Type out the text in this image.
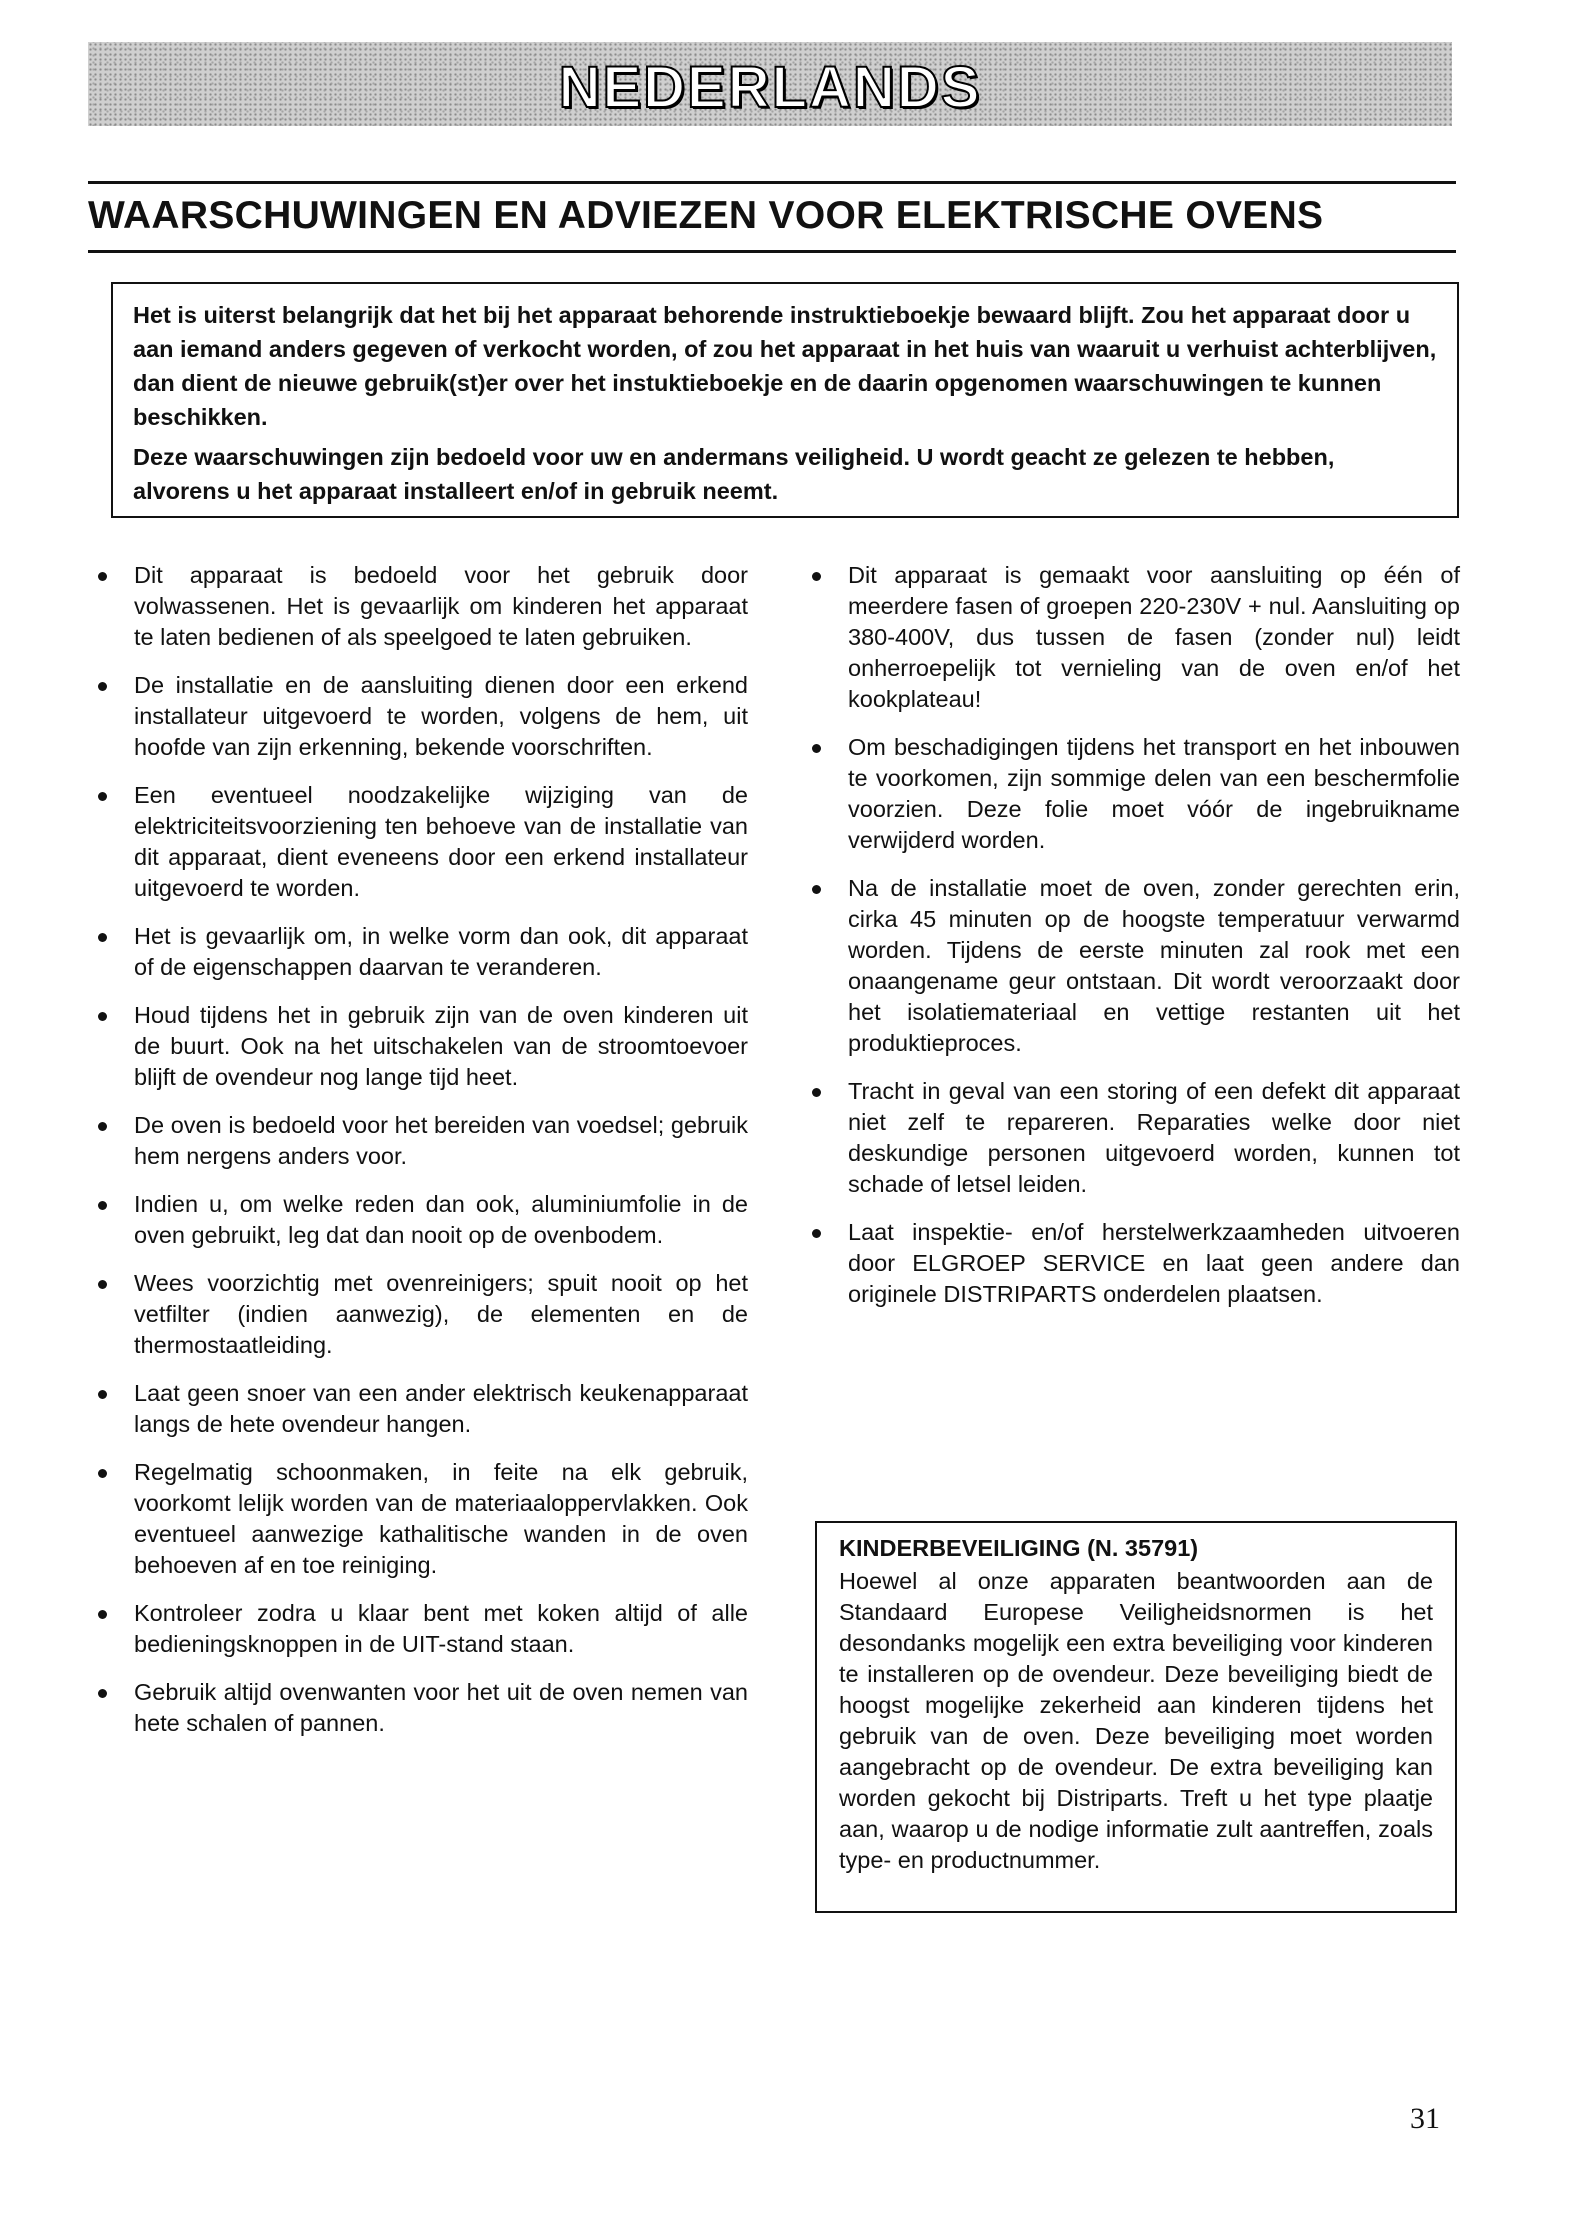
NEDERLANDS
WAARSCHUWINGEN EN ADVIEZEN VOOR ELEKTRISCHE OVENS

Het is uiterst belangrijk dat het bij het apparaat behorende instruktieboekje bewaard blijft. Zou het apparaat door u aan iemand anders gegeven of verkocht worden, of zou het apparaat in het huis van waaruit u verhuist achterblijven, dan dient de nieuwe gebruik(st)er over het instuktieboekje en de daarin opgenomen waarschuwingen te kunnen beschikken.

Deze waarschuwingen zijn bedoeld voor uw en andermans veiligheid. U wordt geacht ze gelezen te hebben, alvorens u het apparaat installeert en/of in gebruik neemt.

Dit apparaat is bedoeld voor het gebruik door volwassenen. Het is gevaarlijk om kinderen het apparaat te laten bedienen of als speelgoed te laten gebruiken.
De installatie en de aansluiting dienen door een erkend installateur uitgevoerd te worden, volgens de hem, uit hoofde van zijn erkenning, bekende voorschriften.
Een eventueel noodzakelijke wijziging van de elektriciteitsvoorziening ten behoeve van de installatie van dit apparaat, dient eveneens door een erkend installateur uitgevoerd te worden.
Het is gevaarlijk om, in welke vorm dan ook, dit apparaat of de eigenschappen daarvan te veranderen.
Houd tijdens het in gebruik zijn van de oven kinderen uit de buurt. Ook na het uitschakelen van de stroomtoevoer blijft de ovendeur nog lange tijd heet.
De oven is bedoeld voor het bereiden van voedsel; gebruik hem nergens anders voor.
Indien u, om welke reden dan ook, aluminiumfolie in de oven gebruikt, leg dat dan nooit op de ovenbodem.
Wees voorzichtig met ovenreinigers; spuit nooit op het vetfilter (indien aanwezig), de elementen en de thermostaatleiding.
Laat geen snoer van een ander elektrisch keukenapparaat langs de hete ovendeur hangen.
Regelmatig schoonmaken, in feite na elk gebruik, voorkomt lelijk worden van de materiaaloppervlakken. Ook eventueel aanwezige kathalitische wanden in de oven behoeven af en toe reiniging.
Kontroleer zodra u klaar bent met koken altijd of alle bedieningsknoppen in de UIT-stand staan.
Gebruik altijd ovenwanten voor het uit de oven nemen van hete schalen of pannen.
Dit apparaat is gemaakt voor aansluiting op één of meerdere fasen of groepen 220-230V + nul. Aansluiting op 380-400V, dus tussen de fasen (zonder nul) leidt onherroepelijk tot vernieling van de oven en/of het kookplateau!
Om beschadigingen tijdens het transport en het inbouwen te voorkomen, zijn sommige delen van een beschermfolie voorzien. Deze folie moet vóór de ingebruikname verwijderd worden.
Na de installatie moet de oven, zonder gerechten erin, cirka 45 minuten op de hoogste temperatuur verwarmd worden. Tijdens de eerste minuten zal rook met een onaangename geur ontstaan. Dit wordt veroorzaakt door het isolatiemateriaal en vettige restanten uit het produktieproces.
Tracht in geval van een storing of een defekt dit apparaat niet zelf te repareren. Reparaties welke door niet deskundige personen uitgevoerd worden, kunnen tot schade of letsel leiden.
Laat inspektie- en/of herstelwerkzaamheden uitvoeren door ELGROEP SERVICE en laat geen andere dan originele DISTRIPARTS onderdelen plaatsen.

KINDERBEVEILIGING (N. 35791)

Hoewel al onze apparaten beantwoorden aan de Standaard Europese Veiligheidsnormen is het desondanks mogelijk een extra beveiliging voor kinderen te installeren op de ovendeur. Deze beveiliging biedt de hoogst mogelijke zekerheid aan kinderen tijdens het gebruik van de oven. Deze beveiliging moet worden aangebracht op de ovendeur. De extra beveiliging kan worden gekocht bij Distriparts. Treft u het type plaatje aan, waarop u de nodige informatie zult aantreffen, zoals type- en productnummer.

31
